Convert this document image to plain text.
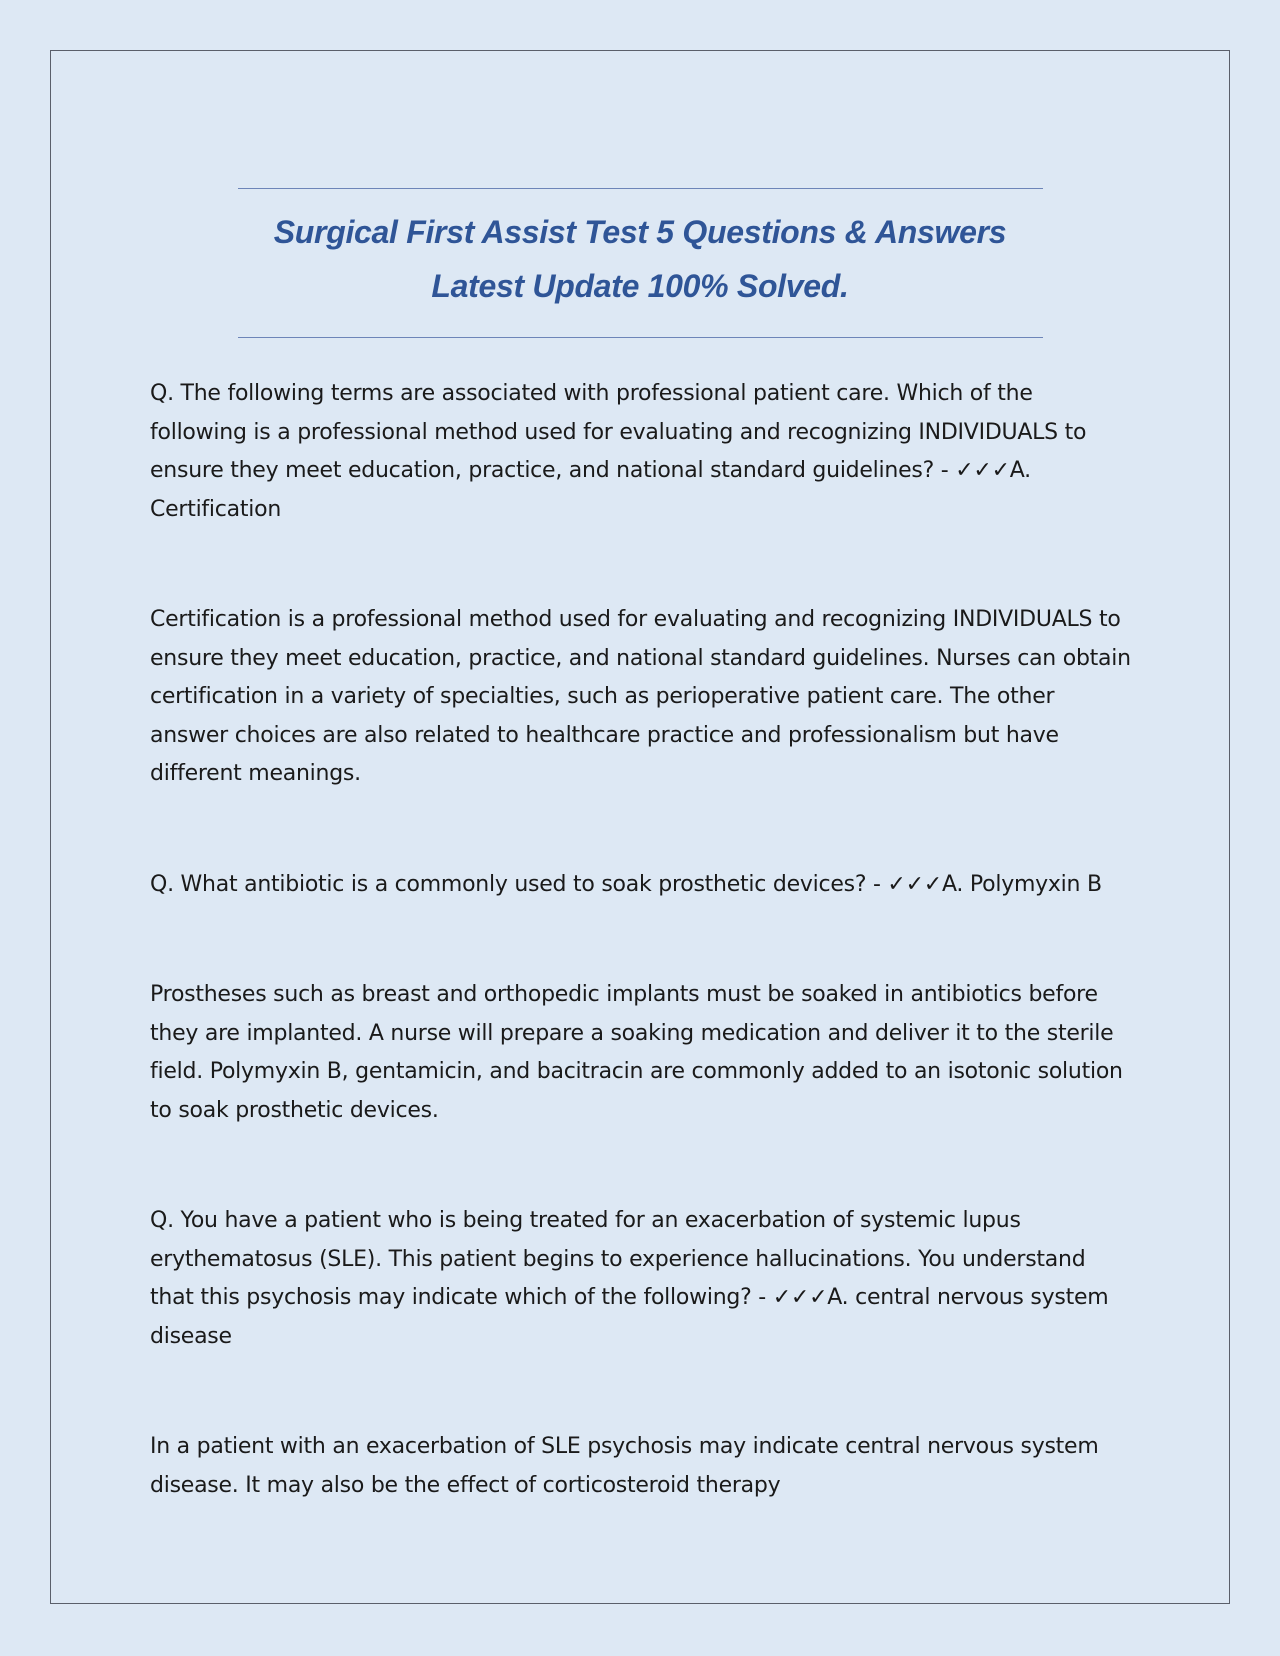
Surgical First Assist Test 5 Questions & Answers
Latest Update 100% Solved.

Q. The following terms are associated with professional patient care. Which of the following is a professional method used for evaluating and recognizing INDIVIDUALS to ensure they meet education, practice, and national standard guidelines? - ✓✓✓A. Certification

Certification is a professional method used for evaluating and recognizing INDIVIDUALS to ensure they meet education, practice, and national standard guidelines. Nurses can obtain certification in a variety of specialties, such as perioperative patient care. The other answer choices are also related to healthcare practice and professionalism but have different meanings.

Q. What antibiotic is a commonly used to soak prosthetic devices? - ✓✓✓A. Polymyxin B

Prostheses such as breast and orthopedic implants must be soaked in antibiotics before they are implanted. A nurse will prepare a soaking medication and deliver it to the sterile field. Polymyxin B, gentamicin, and bacitracin are commonly added to an isotonic solution to soak prosthetic devices.

Q. You have a patient who is being treated for an exacerbation of systemic lupus erythematosus (SLE). This patient begins to experience hallucinations. You understand that this psychosis may indicate which of the following? - ✓✓✓A. central nervous system disease

In a patient with an exacerbation of SLE psychosis may indicate central nervous system disease. It may also be the effect of corticosteroid therapy
